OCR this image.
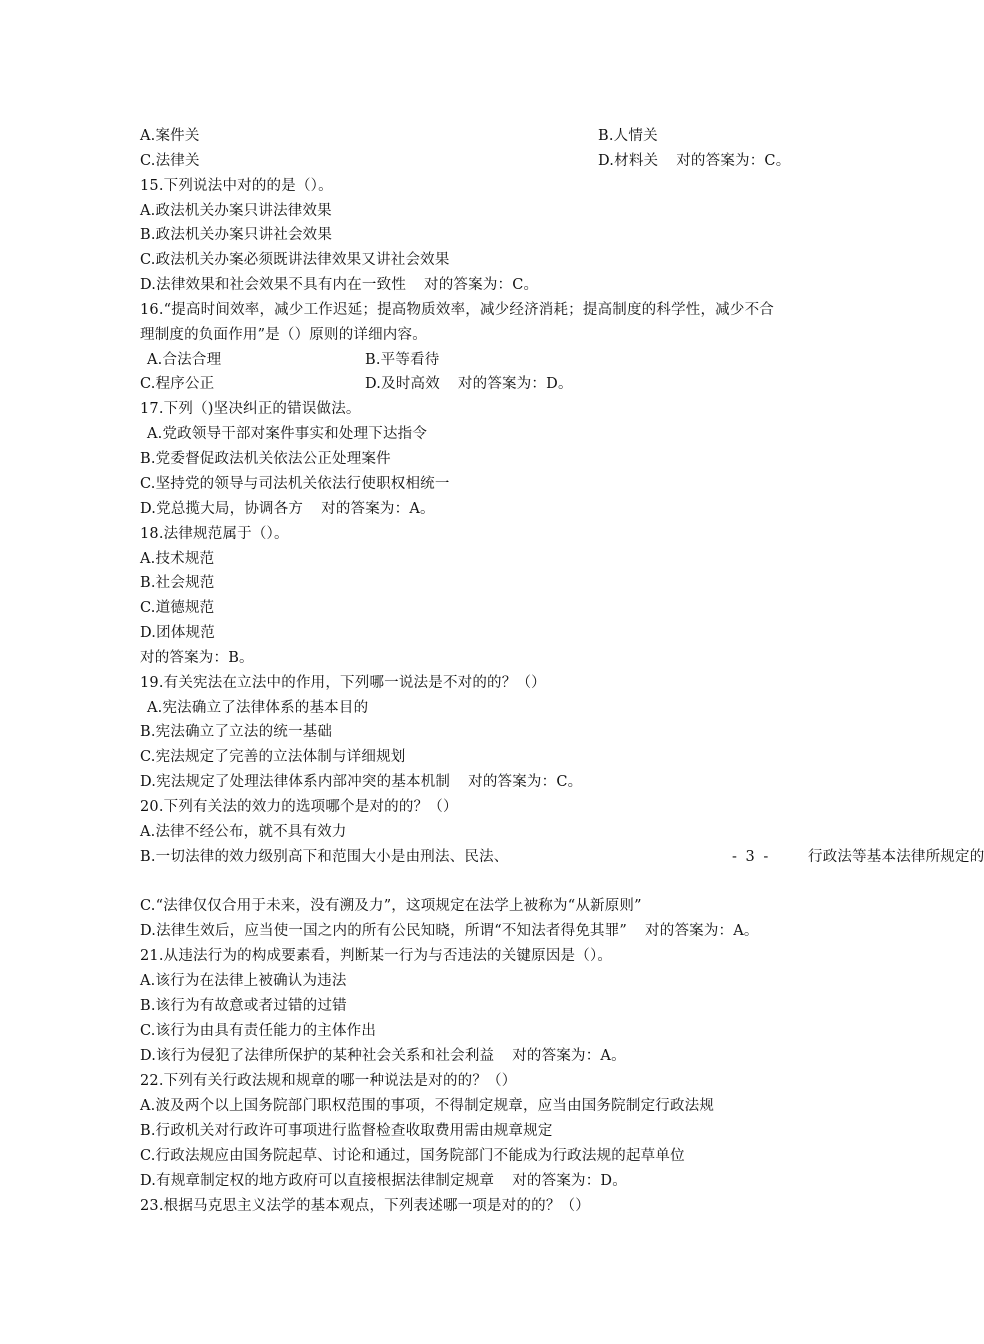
A.案件关	B.人情关
C.法律关	D.材料关 对的答案为：C。
15.下列说法中对的的是（）。
A.政法机关办案只讲法律效果
B.政法机关办案只讲社会效果
C.政法机关办案必须既讲法律效果又讲社会效果
D.法律效果和社会效果不具有内在一致性 对的答案为：C。
16.“提高时间效率，减少工作迟延；提高物质效率，减少经济消耗；提高制度的科学性，减少不合
理制度的负面作用”是（）原则的详细内容。
A.合法合理	B.平等看待
C.程序公正	D.及时高效 对的答案为：D。
17.下列（)坚决纠正的错误做法。
A.党政领导干部对案件事实和处理下达指令
B.党委督促政法机关依法公正处理案件
C.坚持党的领导与司法机关依法行使职权相统一
D.党总揽大局，协调各方 对的答案为：A。
18.法律规范属于（）。
A.技术规范
B.社会规范
C.道德规范
D.团体规范
对的答案为：B。
19.有关宪法在立法中的作用，下列哪一说法是不对的的？（）
A.宪法确立了法律体系的基本目的
B.宪法确立了立法的统一基础
C.宪法规定了完善的立法体制与详细规划
D.宪法规定了处理法律体系内部冲突的基本机制 对的答案为：C。
20.下列有关法的效力的选项哪个是对的的？（）
A.法律不经公布，就不具有效力
B.一切法律的效力级别高下和范围大小是由刑法、民法、	- 3 -	行政法等基本法律所规定的
C.“法律仅仅合用于未来，没有溯及力”，这项规定在法学上被称为“从新原则”
D.法律生效后，应当使一国之内的所有公民知晓，所谓“不知法者得免其罪” 对的答案为：A。
21.从违法行为的构成要素看，判断某一行为与否违法的关键原因是（）。
A.该行为在法律上被确认为违法
B.该行为有故意或者过错的过错
C.该行为由具有责任能力的主体作出
D.该行为侵犯了法律所保护的某种社会关系和社会利益 对的答案为：A。
22.下列有关行政法规和规章的哪一种说法是对的的？（）
A.波及两个以上国务院部门职权范围的事项，不得制定规章，应当由国务院制定行政法规
B.行政机关对行政许可事项进行监督检查收取费用需由规章规定
C.行政法规应由国务院起草、讨论和通过，国务院部门不能成为行政法规的起草单位
D.有规章制定权的地方政府可以直接根据法律制定规章 对的答案为：D。
23.根据马克思主义法学的基本观点，下列表述哪一项是对的的？（）
